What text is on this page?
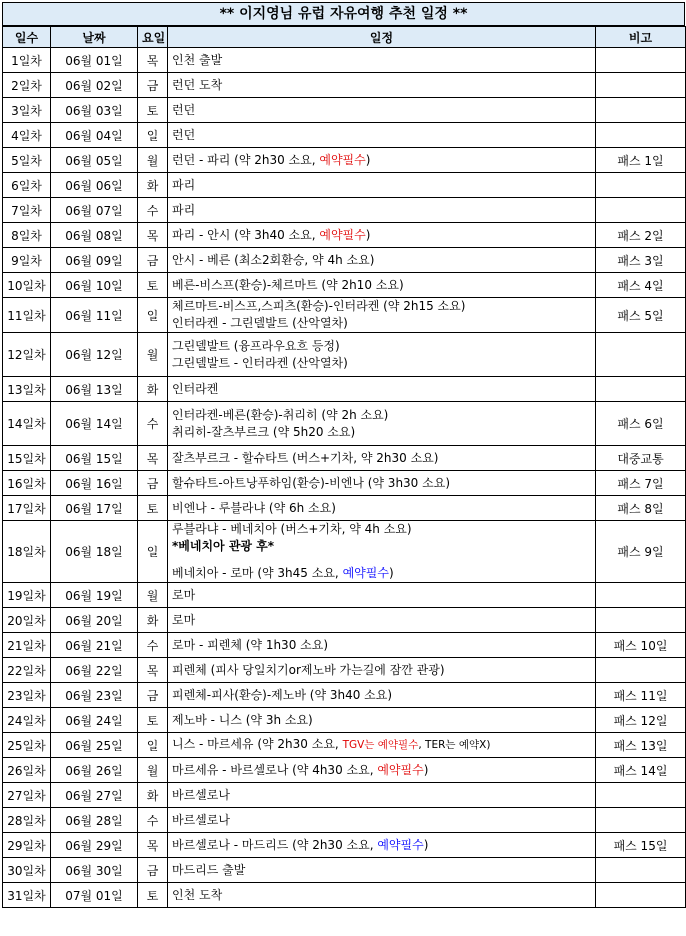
** 이지영님 유럽 자유여행 추천 일정 **
일수	날짜	요일	일정	비고
1일차	06월 01일	목	인천 출발	

2일차	06월 02일	금	런던 도착	

3일차	06월 03일	토	런던	

4일차	06월 04일	일	런던	

5일차	06월 05일	월	런던 - 파리 (약 2h30 소요, 예약필수)	패스 1일
6일차	06월 06일	화	파리	

7일차	06월 07일	수	파리	

8일차	06월 08일	목	파리 - 안시 (약 3h40 소요, 예약필수)	패스 2일
9일차	06월 09일	금	안시 - 베른 (최소2회환승, 약 4h 소요)	패스 3일
10일차	06월 10일	토	베른-비스프(환승)-체르마트 (약 2h10 소요)	패스 4일
11일차	06월 11일	일	체르마트-비스프,스피츠(환승)-인터라켄 (약 2h15 소요)
인터라켄 - 그린델발트 (산악열차)	패스 5일
12일차	06월 12일	월	그린델발트 (융프라우요흐 등정)
그린델발트 - 인터라켄 (산악열차)	

13일차	06월 13일	화	인터라켄	

14일차	06월 14일	수	인터라켄-베른(환승)-취리히 (약 2h 소요)
취리히-잘츠부르크 (약 5h20 소요)	패스 6일
15일차	06월 15일	목	잘츠부르크 - 할슈타트 (버스+기차, 약 2h30 소요)	대중교통
16일차	06월 16일	금	할슈타트-아트낭푸하임(환승)-비엔나 (약 3h30 소요)	패스 7일
17일차	06월 17일	토	비엔나 - 루블라냐 (약 6h 소요)	패스 8일
18일차	06월 18일	일	루블라냐 - 베네치아 (버스+기차, 약 4h 소요)
*베네치아 관광 후*
베네치아 - 로마 (약 3h45 소요, 예약필수)	패스 9일
19일차	06월 19일	월	로마	

20일차	06월 20일	화	로마	

21일차	06월 21일	수	로마 - 피렌체 (약 1h30 소요)	패스 10일
22일차	06월 22일	목	피렌체 (피사 당일치기or제노바 가는길에 잠깐 관광)	

23일차	06월 23일	금	피렌체-피사(환승)-제노바 (약 3h40 소요)	패스 11일
24일차	06월 24일	토	제노바 - 니스 (약 3h 소요)	패스 12일
25일차	06월 25일	일	니스 - 마르세유 (약 2h30 소요, TGV는 예약필수, TER는 예약X)	패스 13일
26일차	06월 26일	월	마르세유 - 바르셀로나 (약 4h30 소요, 예약필수)	패스 14일
27일차	06월 27일	화	바르셀로나	

28일차	06월 28일	수	바르셀로나	

29일차	06월 29일	목	바르셀로나 - 마드리드 (약 2h30 소요, 예약필수)	패스 15일
30일차	06월 30일	금	마드리드 출발	

31일차	07월 01일	토	인천 도착	
